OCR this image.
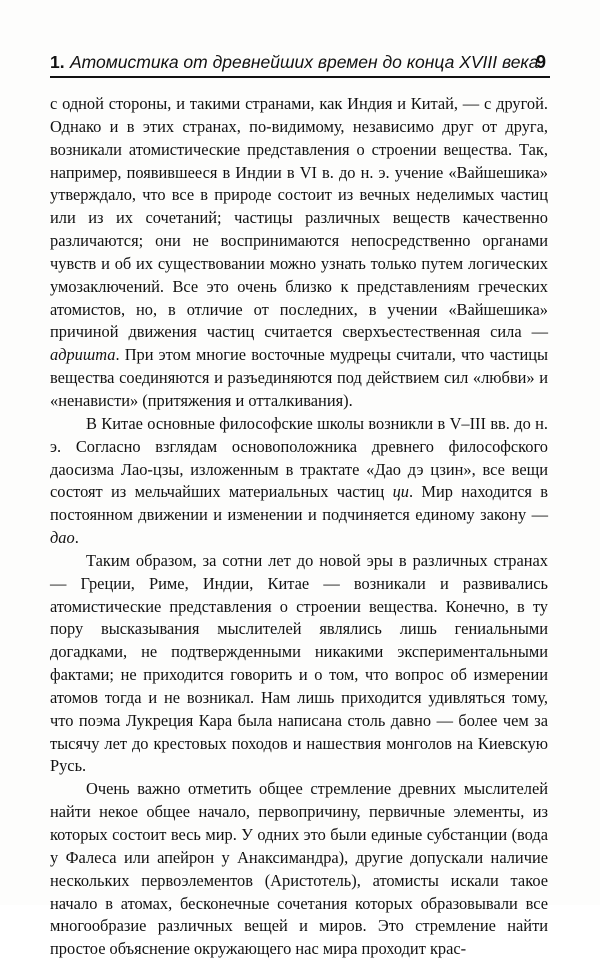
1. Атомистика от древнейших времен до конца XVIII века
9

с одной стороны, и такими странами, как Индия и Китай, — с другой. Однако и в этих странах, по-видимому, независимо друг от друга, возникали атомистические представления о строении вещества. Так, например, появившееся в Индии в VI в. до н. э. учение «Вайшешика» утверждало, что все в природе состоит из вечных неделимых частиц или из их сочетаний; частицы различных веществ качественно различаются; они не воспринимаются непосредственно органами чувств и об их существовании можно узнать только путем логических умозаключений. Все это очень близко к представлениям греческих атомистов, но, в отличие от последних, в учении «Вайшешика» причиной движения частиц считается сверхъестественная сила — адришта. При этом многие восточные мудрецы считали, что частицы вещества соединяются и разъединяются под действием сил «любви» и «ненависти» (притяжения и отталкивания).

В Китае основные философские школы возникли в V–III вв. до н. э. Согласно взглядам основоположника древнего философского даосизма Лао-цзы, изложенным в трактате «Дао дэ цзин», все вещи состоят из мельчайших материальных частиц ци. Мир находится в постоянном движении и изменении и подчиняется единому закону — дао.

Таким образом, за сотни лет до новой эры в различных странах — Греции, Риме, Индии, Китае — возникали и развивались атомистические представления о строении вещества. Конечно, в ту пору высказывания мыслителей являлись лишь гениальными догадками, не подтвержденными никакими экспериментальными фактами; не приходится говорить и о том, что вопрос об измерении атомов тогда и не возникал. Нам лишь приходится удивляться тому, что поэма Лукреция Кара была написана столь давно — более чем за тысячу лет до крестовых походов и нашествия монголов на Киевскую Русь.

Очень важно отметить общее стремление древних мыслителей найти некое общее начало, первопричину, первичные элементы, из которых состоит весь мир. У одних это были единые субстанции (вода у Фалеса или апейрон у Анаксимандра), другие допускали наличие нескольких первоэлементов (Аристотель), атомисты искали такое начало в атомах, бесконечные сочетания которых образовывали все многообразие различных вещей и миров. Это стремление найти простое объяснение окружающего нас мира проходит крас-
